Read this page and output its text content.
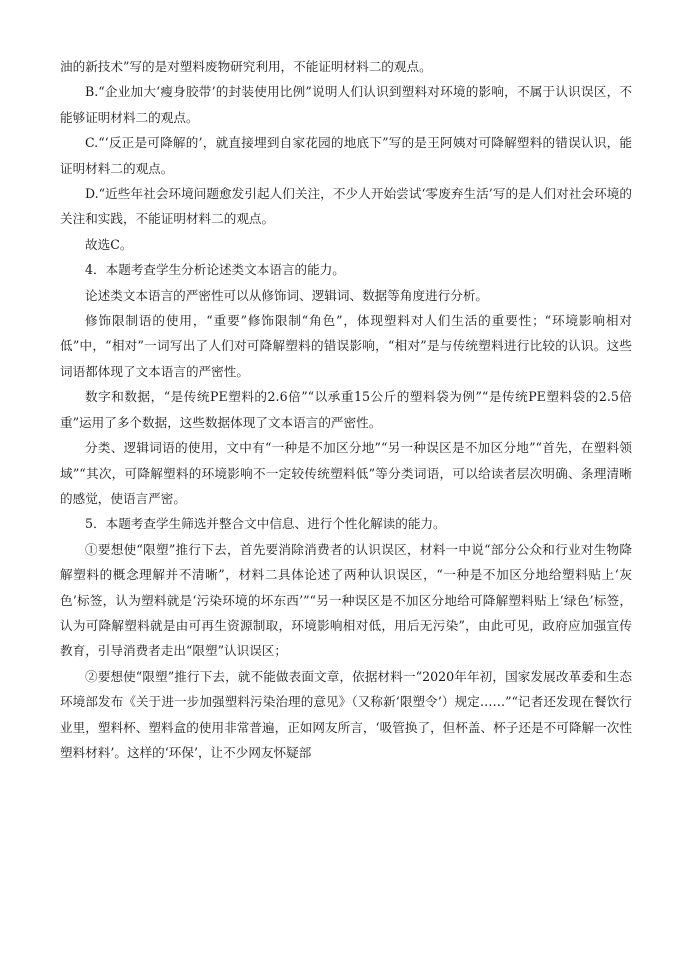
油的新技术”写的是对塑料废物研究利用，不能证明材料二的观点。

B.“企业加大‘瘦身胶带’的封装使用比例”说明人们认识到塑料对环境的影响，不属于认识误区，不能够证明材料二的观点。

C.“‘反正是可降解的’，就直接埋到自家花园的地底下”写的是王阿姨对可降解塑料的错误认识，能证明材料二的观点。

D.“近些年社会环境问题愈发引起人们关注，不少人开始尝试‘零废弃生活’写的是人们对社会环境的关注和实践，不能证明材料二的观点。

故选C。

4．本题考查学生分析论述类文本语言的能力。

论述类文本语言的严密性可以从修饰词、逻辑词、数据等角度进行分析。

修饰限制语的使用，“重要”修饰限制“角色”，体现塑料对人们生活的重要性；“环境影响相对低”中，“相对”一词写出了人们对可降解塑料的错误影响，“相对”是与传统塑料进行比较的认识。这些词语都体现了文本语言的严密性。

数字和数据，“是传统PE塑料的2.6倍”“以承重15公斤的塑料袋为例”“是传统PE塑料袋的2.5倍重”运用了多个数据，这些数据体现了文本语言的严密性。

分类、逻辑词语的使用，文中有“一种是不加区分地”“另一种误区是不加区分地”“首先，在塑料领域”“其次，可降解塑料的环境影响不一定较传统塑料低”等分类词语，可以给读者层次明确、条理清晰的感觉，使语言严密。

5．本题考查学生筛选并整合文中信息、进行个性化解读的能力。

①要想使“限塑”推行下去，首先要消除消费者的认识误区，材料一中说“部分公众和行业对生物降解塑料的概念理解并不清晰”，材料二具体论述了两种认识误区，“一种是不加区分地给塑料贴上‘灰色’标签，认为塑料就是‘污染环境的坏东西’”“另一种误区是不加区分地给可降解塑料贴上‘绿色’标签，认为可降解塑料就是由可再生资源制取，环境影响相对低，用后无污染”，由此可见，政府应加强宣传教育，引导消费者走出“限塑”认识误区；

②要想使“限塑”推行下去，就不能做表面文章，依据材料一“2020年年初，国家发展改革委和生态环境部发布《关于进一步加强塑料污染治理的意见》（又称新‘限塑令’）规定……”“记者还发现在餐饮行业里，塑料杯、塑料盒的使用非常普遍，正如网友所言，‘吸管换了，但杯盖、杯子还是不可降解一次性塑料材料’。这样的‘环保’，让不少网友怀疑部
